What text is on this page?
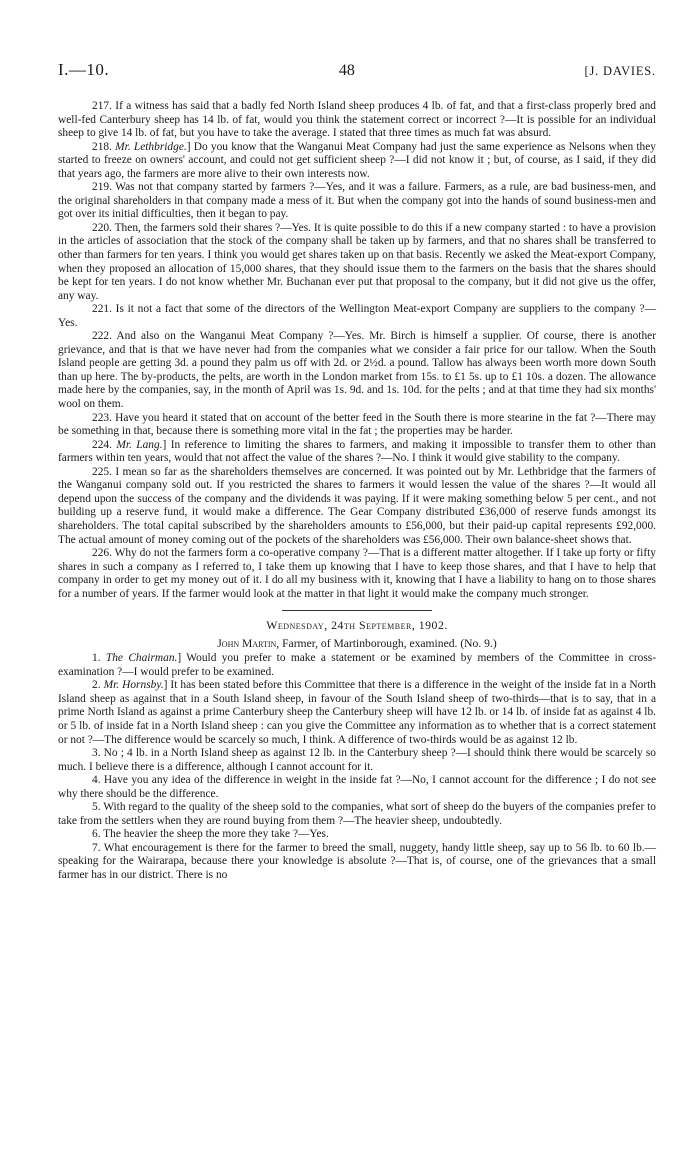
I.—10.	48	[J. DAVIES.

217. If a witness has said that a badly fed North Island sheep produces 4 lb. of fat, and that a first-class properly bred and well-fed Canterbury sheep has 14 lb. of fat, would you think the statement correct or incorrect ?—It is possible for an individual sheep to give 14 lb. of fat, but you have to take the average. I stated that three times as much fat was absurd.

218. Mr. Lethbridge.] Do you know that the Wanganui Meat Company had just the same experience as Nelsons when they started to freeze on owners' account, and could not get sufficient sheep ?—I did not know it ; but, of course, as I said, if they did that years ago, the farmers are more alive to their own interests now.

219. Was not that company started by farmers ?—Yes, and it was a failure. Farmers, as a rule, are bad business-men, and the original shareholders in that company made a mess of it. But when the company got into the hands of sound business-men and got over its initial difficulties, then it began to pay.

220. Then, the farmers sold their shares ?—Yes. It is quite possible to do this if a new company started : to have a provision in the articles of association that the stock of the company shall be taken up by farmers, and that no shares shall be transferred to other than farmers for ten years. I think you would get shares taken up on that basis. Recently we asked the Meat-export Company, when they proposed an allocation of 15,000 shares, that they should issue them to the farmers on the basis that the shares should be kept for ten years. I do not know whether Mr. Buchanan ever put that proposal to the company, but it did not give us the offer, any way.

221. Is it not a fact that some of the directors of the Wellington Meat-export Company are suppliers to the company ?—Yes.

222. And also on the Wanganui Meat Company ?—Yes. Mr. Birch is himself a supplier. Of course, there is another grievance, and that is that we have never had from the companies what we consider a fair price for our tallow. When the South Island people are getting 3d. a pound they palm us off with 2d. or 2½d. a pound. Tallow has always been worth more down South than up here. The by-products, the pelts, are worth in the London market from 15s. to £1 5s. up to £1 10s. a dozen. The allowance made here by the companies, say, in the month of April was 1s. 9d. and 1s. 10d. for the pelts ; and at that time they had six months' wool on them.

223. Have you heard it stated that on account of the better feed in the South there is more stearine in the fat ?—There may be something in that, because there is something more vital in the fat ; the properties may be harder.

224. Mr. Lang.] In reference to limiting the shares to farmers, and making it impossible to transfer them to other than farmers within ten years, would that not affect the value of the shares ?—No. I think it would give stability to the company.

225. I mean so far as the shareholders themselves are concerned. It was pointed out by Mr. Lethbridge that the farmers of the Wanganui company sold out. If you restricted the shares to farmers it would lessen the value of the shares ?—It would all depend upon the success of the company and the dividends it was paying. If it were making something below 5 per cent., and not building up a reserve fund, it would make a difference. The Gear Company distributed £36,000 of reserve funds amongst its shareholders. The total capital subscribed by the shareholders amounts to £56,000, but their paid-up capital represents £92,000. The actual amount of money coming out of the pockets of the shareholders was £56,000. Their own balance-sheet shows that.

226. Why do not the farmers form a co-operative company ?—That is a different matter altogether. If I take up forty or fifty shares in such a company as I referred to, I take them up knowing that I have to keep those shares, and that I have to help that company in order to get my money out of it. I do all my business with it, knowing that I have a liability to hang on to those shares for a number of years. If the farmer would look at the matter in that light it would make the company much stronger.

Wednesday, 24th September, 1902.
John Martin, Farmer, of Martinborough, examined. (No. 9.)

1. The Chairman.] Would you prefer to make a statement or be examined by members of the Committee in cross-examination ?—I would prefer to be examined.

2. Mr. Hornsby.] It has been stated before this Committee that there is a difference in the weight of the inside fat in a North Island sheep as against that in a South Island sheep, in favour of the South Island sheep of two-thirds—that is to say, that in a prime North Island as against a prime Canterbury sheep the Canterbury sheep will have 12 lb. or 14 lb. of inside fat as against 4 lb. or 5 lb. of inside fat in a North Island sheep : can you give the Committee any information as to whether that is a correct statement or not ?—The difference would be scarcely so much, I think. A difference of two-thirds would be as against 12 lb.

3. No ; 4 lb. in a North Island sheep as against 12 lb. in the Canterbury sheep ?—I should think there would be scarcely so much. I believe there is a difference, although I cannot account for it.

4. Have you any idea of the difference in weight in the inside fat ?—No, I cannot account for the difference ; I do not see why there should be the difference.

5. With regard to the quality of the sheep sold to the companies, what sort of sheep do the buyers of the companies prefer to take from the settlers when they are round buying from them ?—The heavier sheep, undoubtedly.

6. The heavier the sheep the more they take ?—Yes.

7. What encouragement is there for the farmer to breed the small, nuggety, handy little sheep, say up to 56 lb. to 60 lb.—speaking for the Wairarapa, because there your knowledge is absolute ?—That is, of course, one of the grievances that a small farmer has in our district. There is no
